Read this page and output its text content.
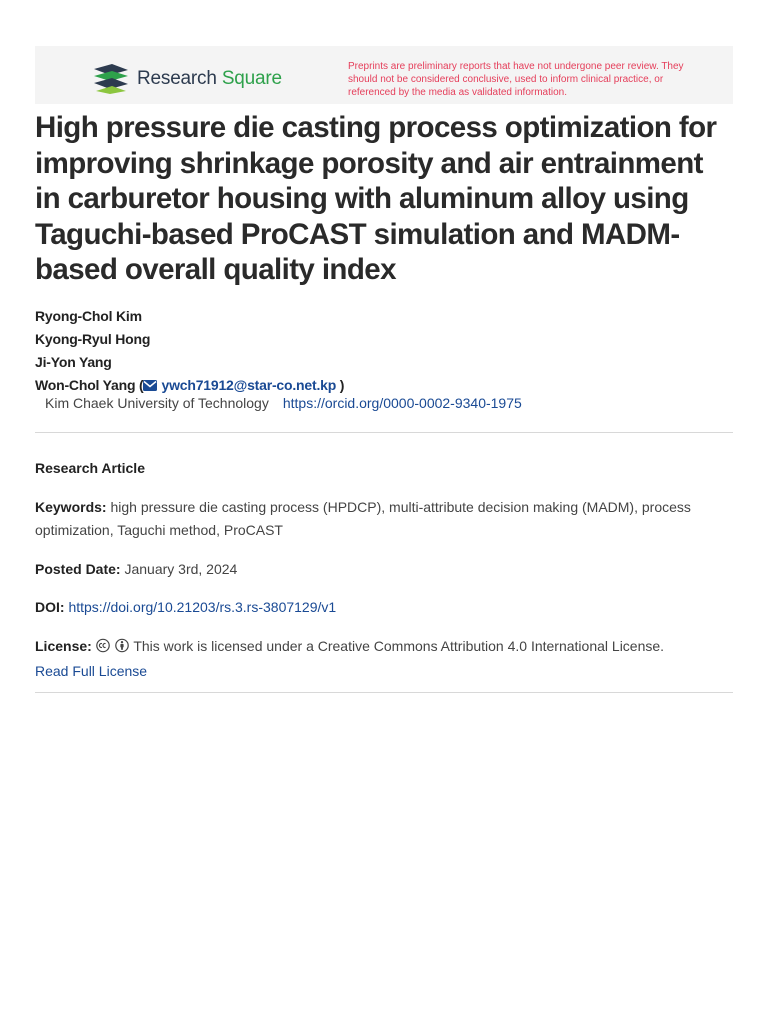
Research Square
Preprints are preliminary reports that have not undergone peer review. They should not be considered conclusive, used to inform clinical practice, or referenced by the media as validated information.
High pressure die casting process optimization for improving shrinkage porosity and air entrainment in carburetor housing with aluminum alloy using Taguchi-based ProCAST simulation and MADM-based overall quality index
Ryong-Chol Kim
Kyong-Ryul Hong
Ji-Yon Yang
Won-Chol Yang ( ywch71912@star-co.net.kp )
Kim Chaek University of Technology https://orcid.org/0000-0002-9340-1975
Research Article
Keywords: high pressure die casting process (HPDCP), multi-attribute decision making (MADM), process optimization, Taguchi method, ProCAST
Posted Date: January 3rd, 2024
DOI: https://doi.org/10.21203/rs.3.rs-3807129/v1
License:	This work is licensed under a Creative Commons Attribution 4.0 International License.
Read Full License
